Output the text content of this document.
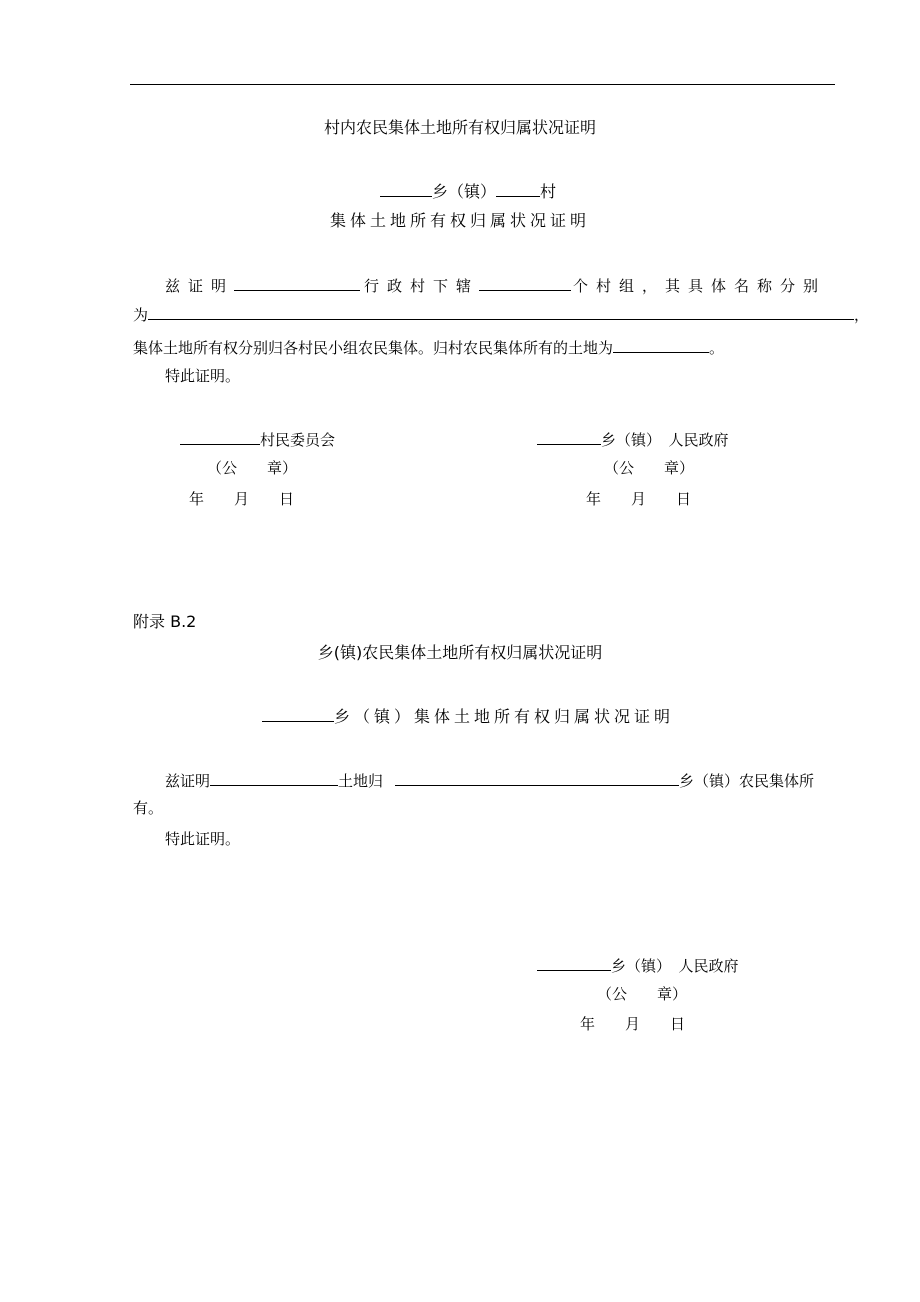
村内农民集体土地所有权归属状况证明
乡（镇）	村
集体土地所有权归属状况证明
兹证明	行政村下辖	个村组，其具体名称分别
为	，
集体土地所有权分别归各村民小组农民集体。归村农民集体所有的土地为	。
特此证明。
村民委员会
（公　　章）
年　　月　　日
乡（镇）　人民政府
（公　　章）
年　　月　　日
附录 B.2
乡(镇)农民集体土地所有权归属状况证明
乡（镇）集体土地所有权归属状况证明
兹证明	土地归	乡（镇）农民集体所
有。
特此证明。
乡（镇）　人民政府
（公　　章）
年　　月　　日
